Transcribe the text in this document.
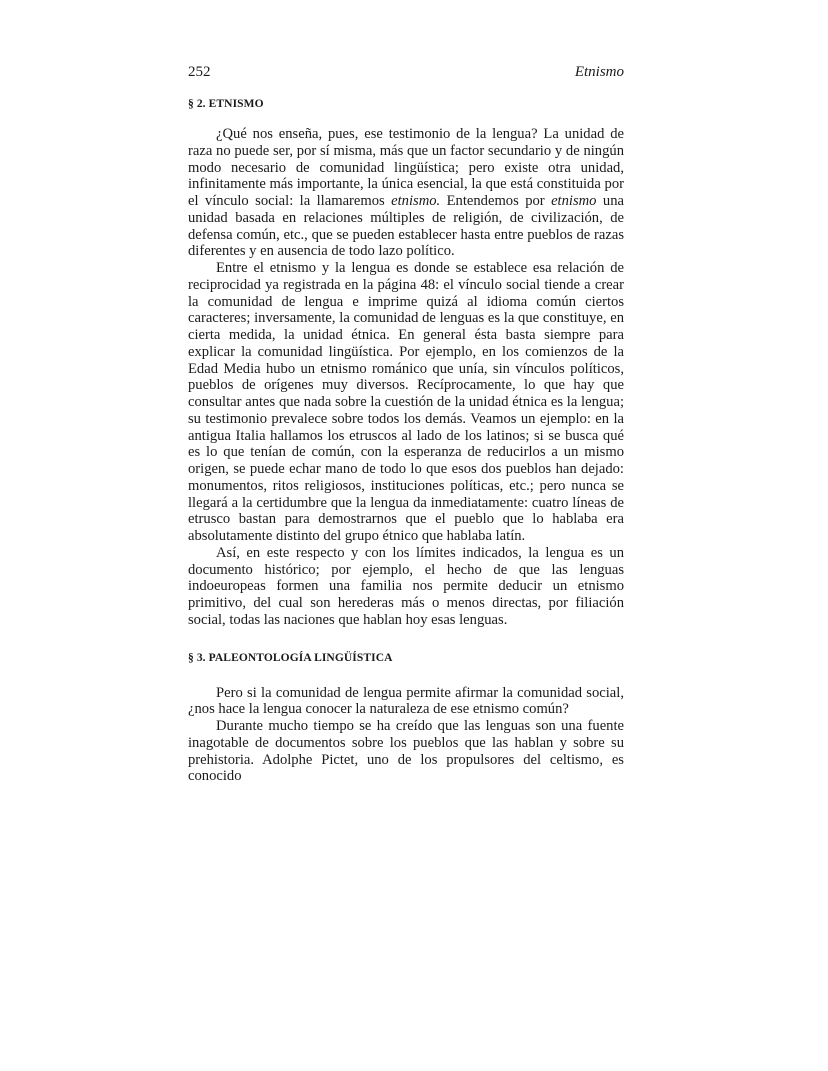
252	Etnismo
§ 2. ETNISMO

¿Qué nos enseña, pues, ese testimonio de la lengua? La unidad de raza no puede ser, por sí misma, más que un factor secundario y de ningún modo necesario de comunidad lingüística; pero existe otra unidad, infinitamente más importante, la única esencial, la que está constituida por el vínculo social: la llamaremos etnismo. Entendemos por etnismo una unidad basada en relaciones múltiples de religión, de civilización, de defensa común, etc., que se pueden establecer hasta entre pueblos de razas diferentes y en ausencia de todo lazo político.

Entre el etnismo y la lengua es donde se establece esa relación de reciprocidad ya registrada en la página 48: el vínculo social tiende a crear la comunidad de lengua e imprime quizá al idioma común ciertos caracteres; inversamente, la comunidad de lenguas es la que constituye, en cierta medida, la unidad étnica. En general ésta basta siempre para explicar la comunidad lingüística. Por ejemplo, en los comienzos de la Edad Media hubo un etnismo románico que unía, sin vínculos políticos, pueblos de orígenes muy diversos. Recíprocamente, lo que hay que consultar antes que nada sobre la cuestión de la unidad étnica es la lengua; su testimonio prevalece sobre todos los demás. Veamos un ejemplo: en la antigua Italia hallamos los etruscos al lado de los latinos; si se busca qué es lo que tenían de común, con la esperanza de reducirlos a un mismo origen, se puede echar mano de todo lo que esos dos pueblos han dejado: monumentos, ritos religiosos, instituciones políticas, etc.; pero nunca se llegará a la certidumbre que la lengua da inmediatamente: cuatro líneas de etrusco bastan para demostrarnos que el pueblo que lo hablaba era absolutamente distinto del grupo étnico que hablaba latín.

Así, en este respecto y con los límites indicados, la lengua es un documento histórico; por ejemplo, el hecho de que las lenguas indoeuropeas formen una familia nos permite deducir un etnismo primitivo, del cual son herederas más o menos directas, por filiación social, todas las naciones que hablan hoy esas lenguas.

§ 3. PALEONTOLOGÍA LINGÜÍSTICA

Pero si la comunidad de lengua permite afirmar la comunidad social, ¿nos hace la lengua conocer la naturaleza de ese etnismo común?

Durante mucho tiempo se ha creído que las lenguas son una fuente inagotable de documentos sobre los pueblos que las hablan y sobre su prehistoria. Adolphe Pictet, uno de los propulsores del celtismo, es conocido
